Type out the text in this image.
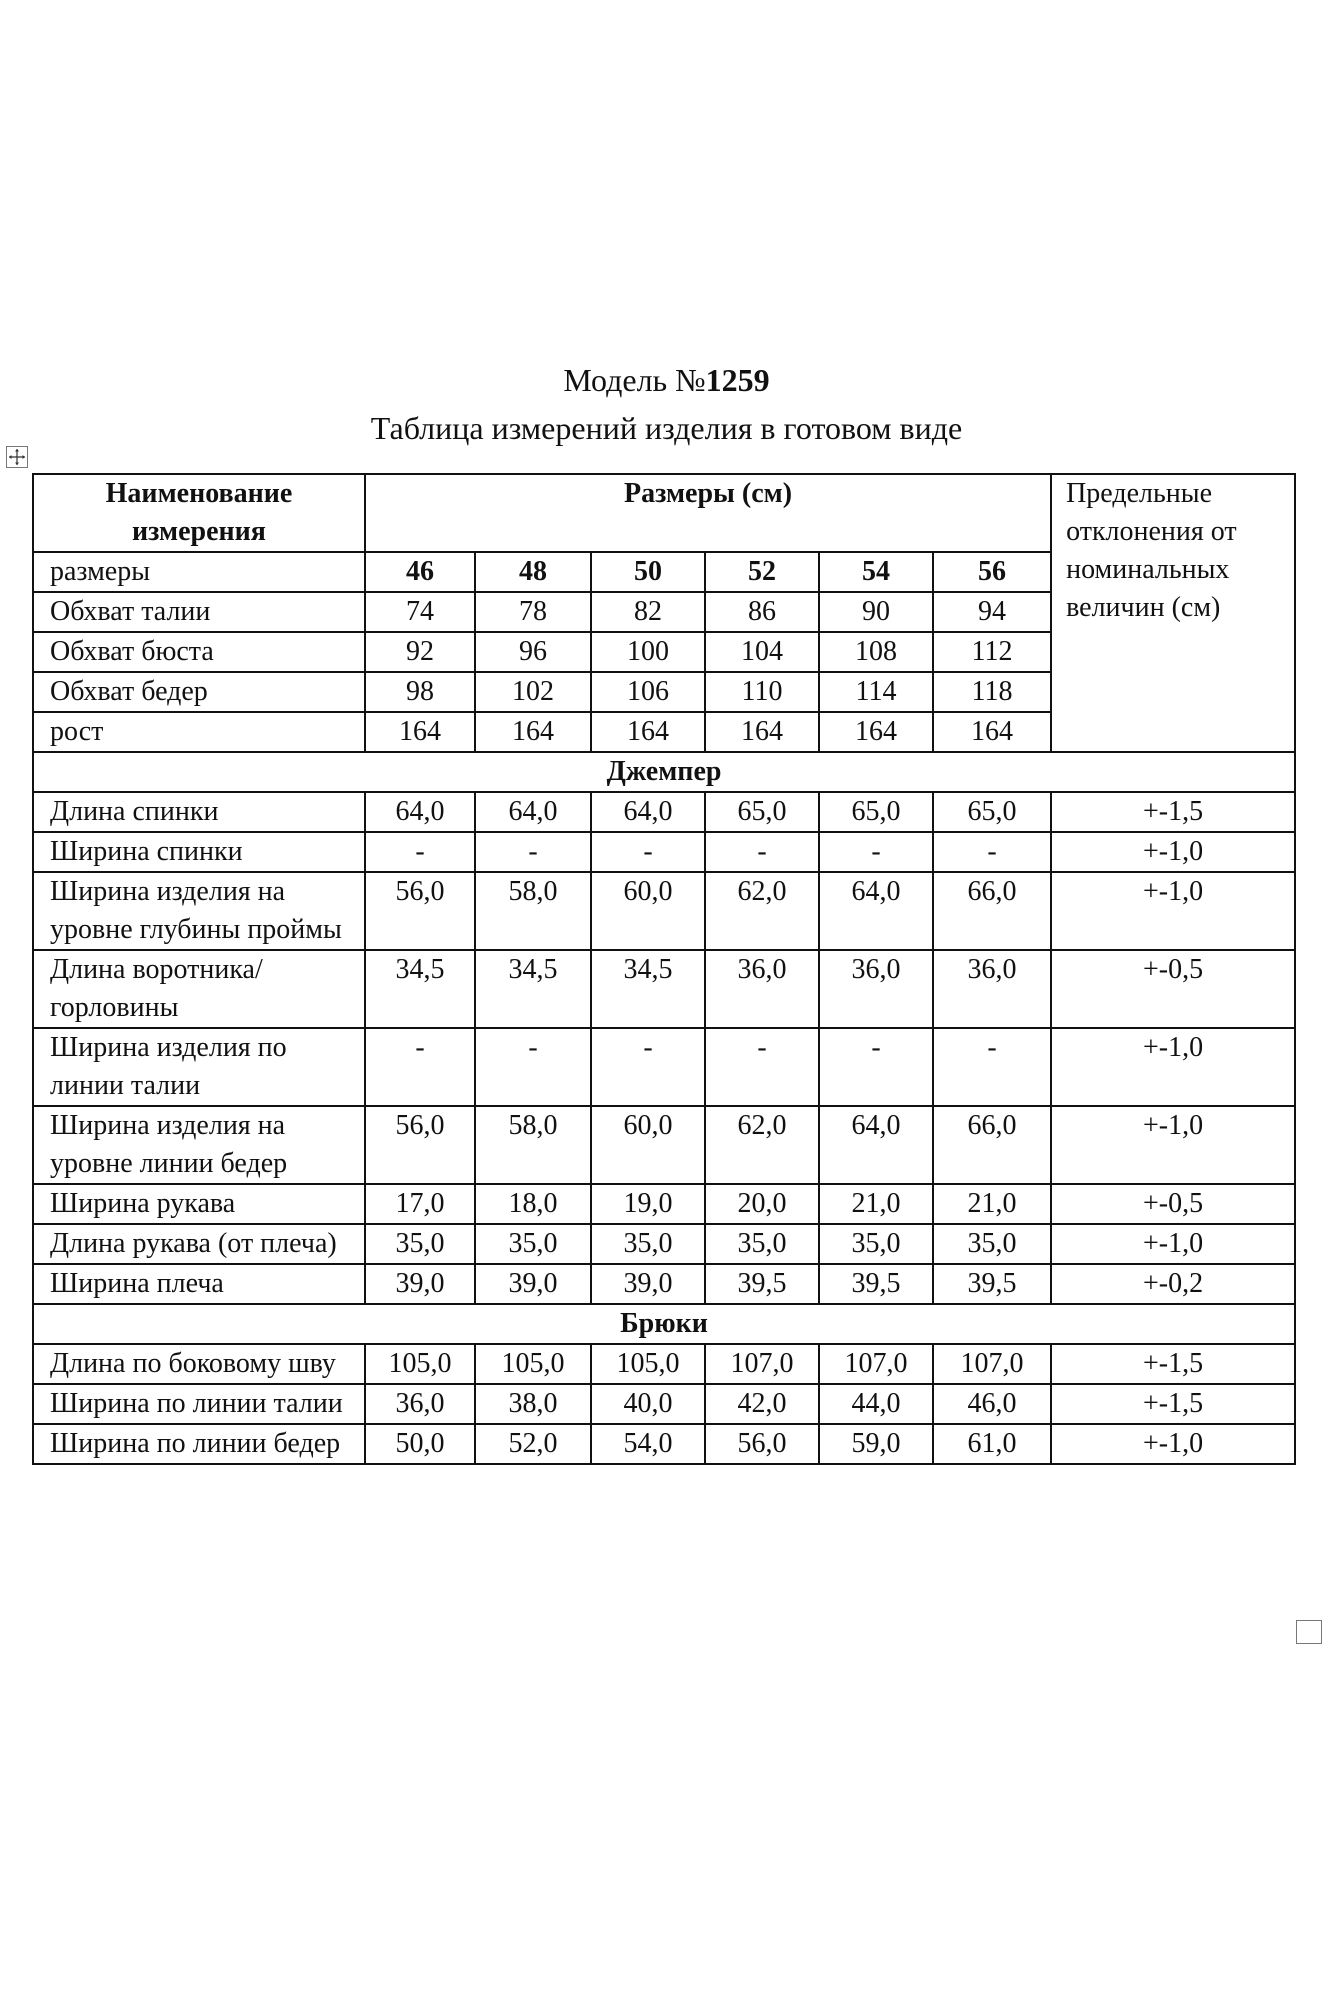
Модель №1259
Таблица измерений изделия в готовом виде
Наименование измерения	Размеры (см)						Предельные отклонения от номинальных величин (см)
размеры	46	48	50	52	54	56	
Обхват талии	74	78	82	86	90	94	
Обхват бюста	92	96	100	104	108	112	
Обхват бедер	98	102	106	110	114	118	
рост	164	164	164	164	164	164	
Джемпер							
Длина спинки	64,0	64,0	64,0	65,0	65,0	65,0	+-1,5
Ширина спинки	-	-	-	-	-	-	+-1,0
Ширина изделия на уровне глубины проймы	56,0	58,0	60,0	62,0	64,0	66,0	+-1,0
Длина воротника/горловины	34,5	34,5	34,5	36,0	36,0	36,0	+-0,5
Ширина изделия по линии талии	-	-	-	-	-	-	+-1,0
Ширина изделия на уровне линии бедер	56,0	58,0	60,0	62,0	64,0	66,0	+-1,0
Ширина рукава	17,0	18,0	19,0	20,0	21,0	21,0	+-0,5
Длина рукава (от плеча)	35,0	35,0	35,0	35,0	35,0	35,0	+-1,0
Ширина плеча	39,0	39,0	39,0	39,5	39,5	39,5	+-0,2
Брюки							
Длина по боковому шву	105,0	105,0	105,0	107,0	107,0	107,0	+-1,5
Ширина по линии талии	36,0	38,0	40,0	42,0	44,0	46,0	+-1,5
Ширина по линии бедер	50,0	52,0	54,0	56,0	59,0	61,0	+-1,0
